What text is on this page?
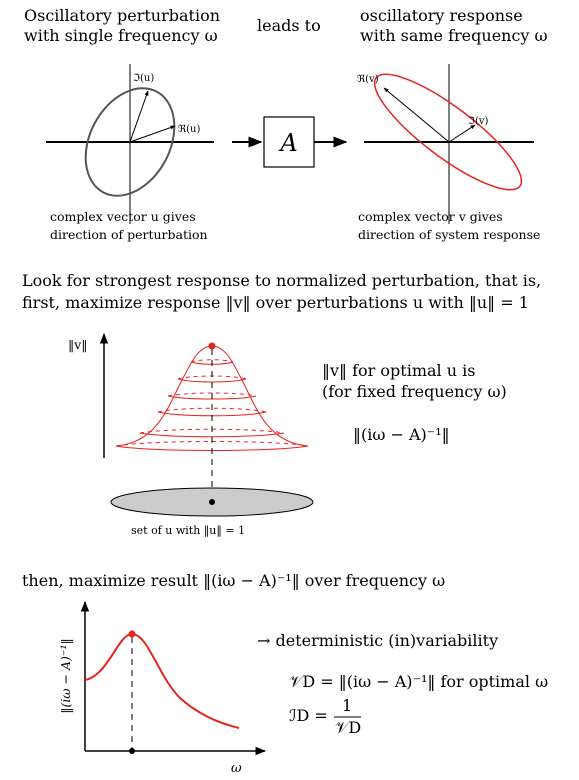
ℑ(u)
ℜ(u)	A
ℜ(v)
ℑ(v)
‖(iω − A)⁻¹‖
ω
Oscillatory perturbation
with single frequency ω
leads to
oscillatory response
with same frequency ω
complex vector u gives
direction of perturbation
complex vector v gives
direction of system response
Look for strongest response to normalized perturbation, that is,
first, maximize response ‖v‖ over perturbations u with ‖u‖ = 1
‖v‖
‖v‖ for optimal u is
(for fixed frequency ω)
‖(iω − A)⁻¹‖
set of u with ‖u‖ = 1
then, maximize result ‖(iω − A)⁻¹‖ over frequency ω
→ deterministic (in)variability
𝒱D = ‖(iω − A)⁻¹‖ for optimal ω
ℐD =
1
𝒱D
